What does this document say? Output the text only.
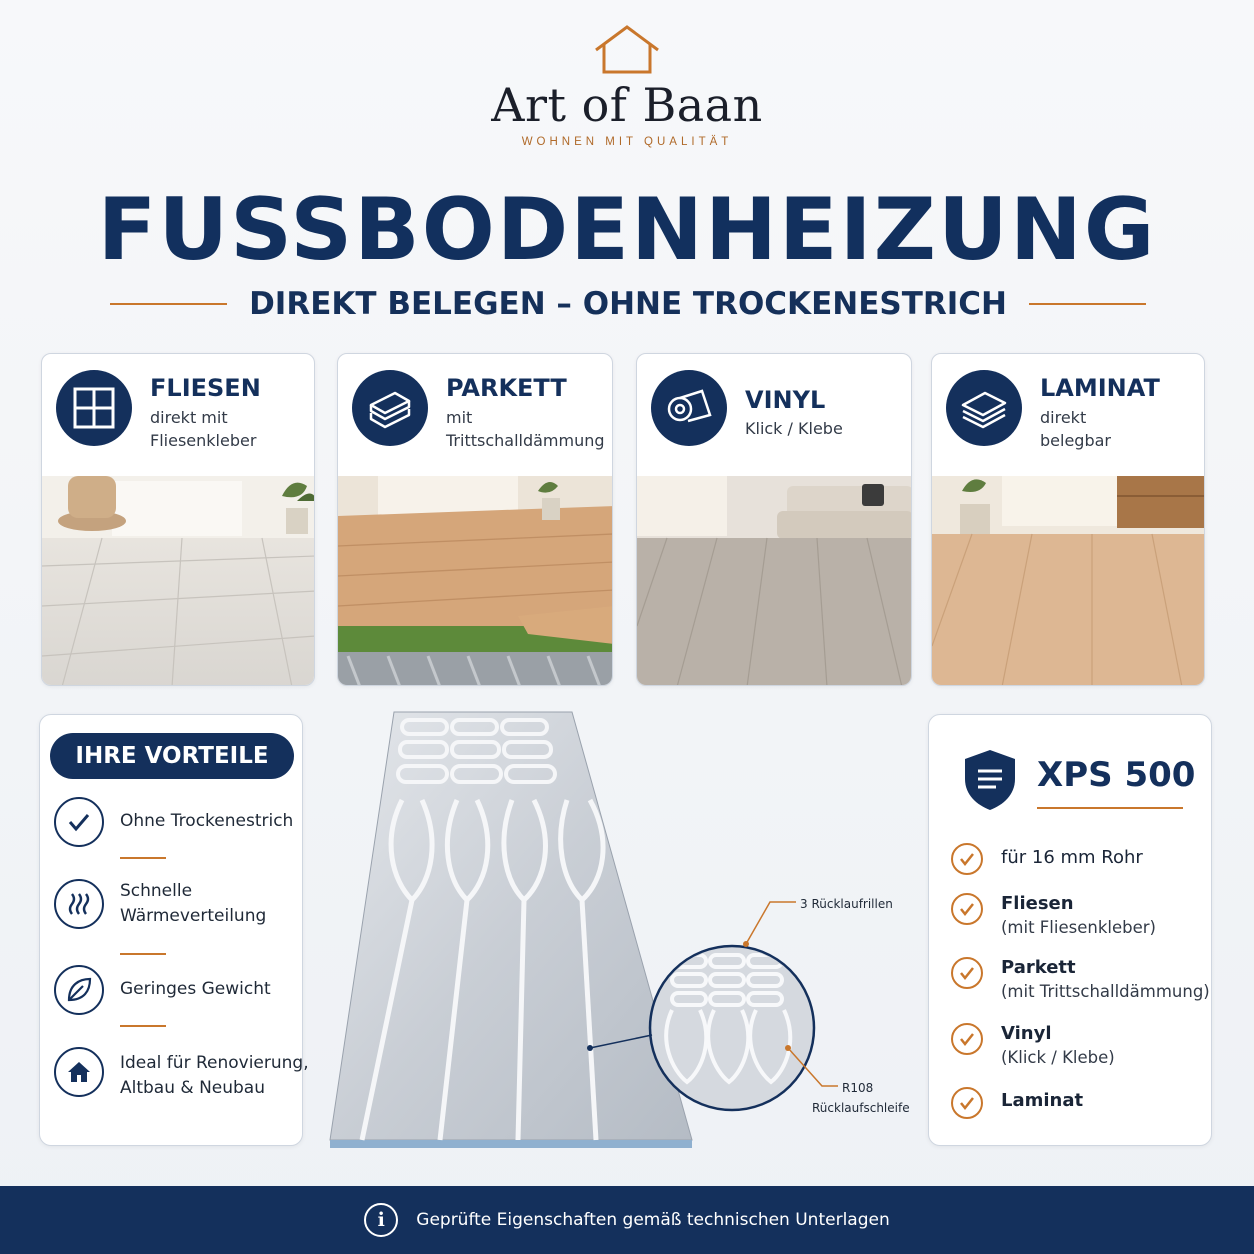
Art of Baan
WOHNEN MIT QUALITÄT
FUSSBODENHEIZUNG
DIREKT BELEGEN – OHNE TROCKENESTRICH
FLIESEN
direkt mit
Fliesenkleber
PARKETT
mit
Trittschalldämmung
VINYL
Klick / Klebe
LAMINAT
direkt
belegbar
IHRE VORTEILE
Ohne Trockenestrich
Schnelle
Wärmeverteilung
Geringes Gewicht
Ideal für Renovierung,
Altbau & Neubau
3 Rücklaufrillen
R108
Rücklaufschleife
XPS 500
für 16 mm Rohr
Fliesen
(mit Fliesenkleber)
Parkett
(mit Trittschalldämmung)
Vinyl
(Klick / Klebe)
Laminat
i	Geprüfte Eigenschaften gemäß technischen Unterlagen
